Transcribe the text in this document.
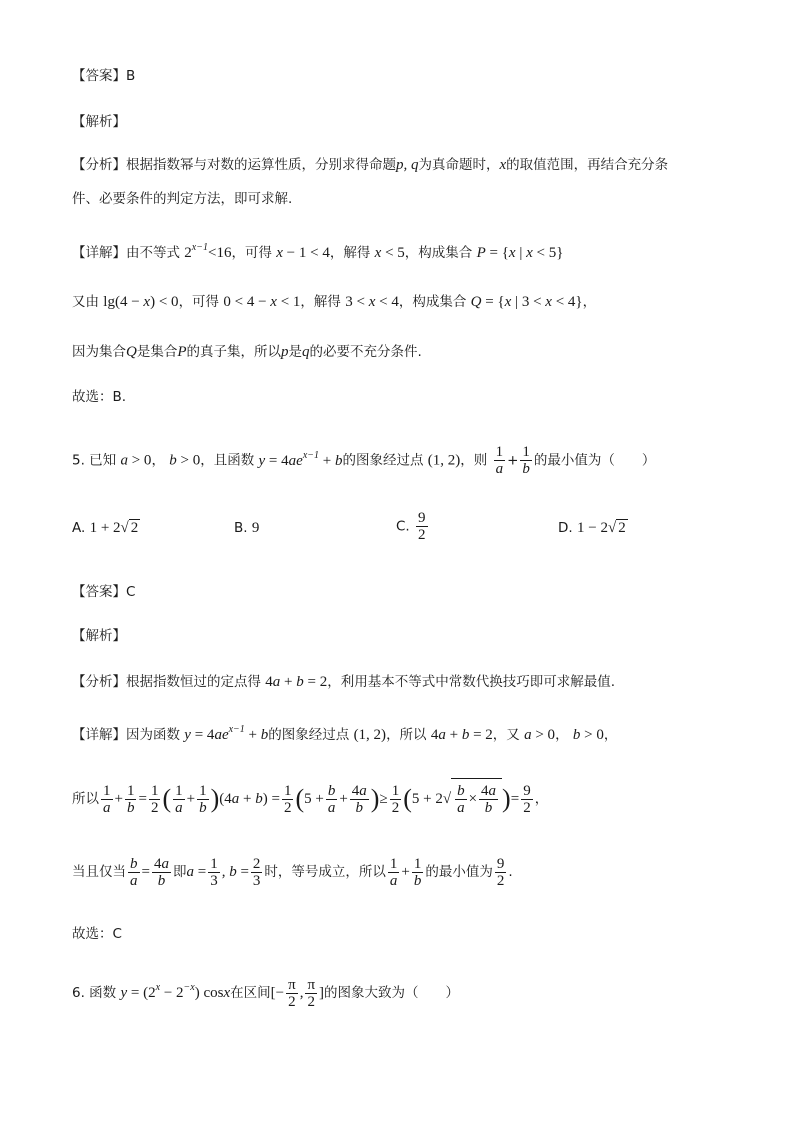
【答案】B
【解析】
【分析】根据指数幂与对数的运算性质，分别求得命题p, q为真命题时，x的取值范围，再结合充分条
件、必要条件的判定方法，即可求解.
【详解】由不等式 $2^{x-1}<16$，可得 x − 1 < 4，解得 x < 5，构成集合 P = {x | x < 5}
又由 lg(4 − x) < 0，可得 0 < 4 − x < 1，解得 3 < x < 4，构成集合 Q = {x | 3 < x < 4}，
因为集合Q是集合P的真子集，所以p是q的必要不充分条件.
故选：B.
5. 已知 a > 0， b > 0，且函数 $y = 4ae^{x-1} + b$的图象经过点 (1, 2)，则 $\frac{1}{a} + \frac{1}{b}$ 的最小值为（　　）
A. 1 + 2√ 2	B. 9	C. $\frac{9}{2}$	D. 1 − 2√ 2
【答案】C
【解析】
【分析】根据指数恒过的定点得 4a + b = 2，利用基本不等式中常数代换技巧即可求解最值.
【详解】因为函数 $y = 4ae^{x-1} + b$的图象经过点 (1, 2)，所以 4a + b = 2，又 a > 0， b > 0，
所以 $\frac{1}{a} + \frac{1}{b} = \frac{1}{2}$ ( $\frac{1}{a} + \frac{1}{b} )(4a + b) = \frac{1}{2} (5 + \frac{b}{a} + \frac{4a}{b}$ )≥ $\frac{1}{2} (5 + 2√ \frac{b}{a} \times \frac{4a}{b}$ )= $\frac{9}{2}$ ，
当且仅当 $\frac{b}{a} = \frac{4a}{b}$ 即$a = \frac{1}{3}$ , $b = \frac{2}{3}$ 时，等号成立，所以 $\frac{1}{a} + \frac{1}{b}$ 的最小值为 $\frac{9}{2}$ .
故选：C
6. 函数 $y = (2^x - 2^{-x})$ cosx在区间[− $\frac{\pi}{2}$ , $\frac{\pi}{2}$ ]的图象大致为（　　）
